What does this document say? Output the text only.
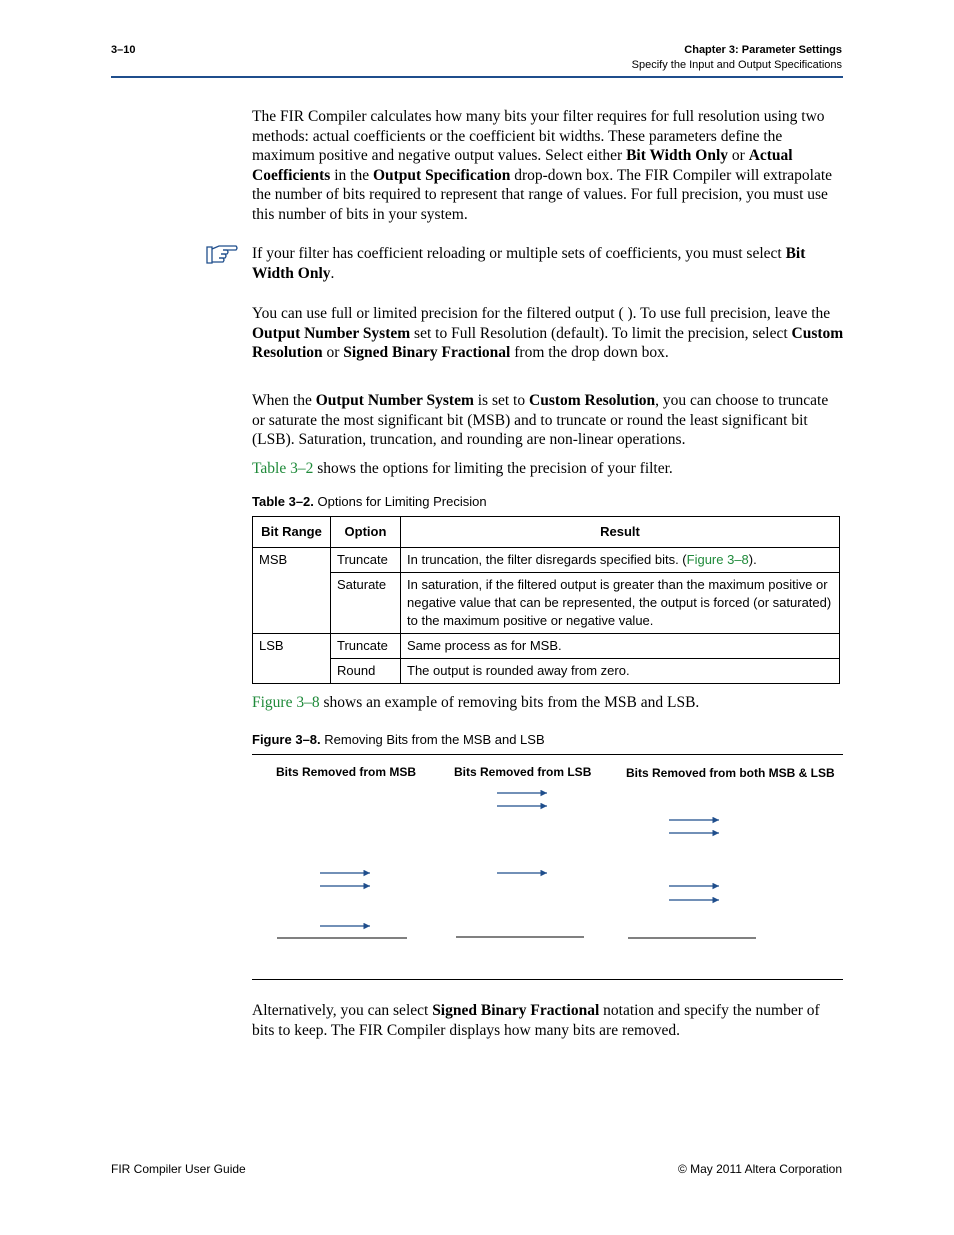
3–10	Chapter 3: Parameter Settings
Specify the Input and Output Specifications
The FIR Compiler calculates how many bits your filter requires for full resolution using two methods: actual coefficients or the coefficient bit widths. These parameters define the maximum positive and negative output values. Select either Bit Width Only or Actual Coefficients in the Output Specification drop-down box. The FIR Compiler will extrapolate the number of bits required to represent that range of values. For full precision, you must use this number of bits in your system.
If your filter has coefficient reloading or multiple sets of coefficients, you must select Bit Width Only.
You can use full or limited precision for the filtered output ( ). To use full precision, leave the Output Number System set to Full Resolution (default). To limit the precision, select Custom Resolution or Signed Binary Fractional from the drop down box.
When the Output Number System is set to Custom Resolution, you can choose to truncate or saturate the most significant bit (MSB) and to truncate or round the least significant bit (LSB). Saturation, truncation, and rounding are non-linear operations.
Table 3–2 shows the options for limiting the precision of your filter.
Table 3–2. Options for Limiting Precision
Bit Range	Option	Result
MSB	Truncate	In truncation, the filter disregards specified bits. (Figure 3–8).
	Saturate	In saturation, if the filtered output is greater than the maximum positive or negative value that can be represented, the output is forced (or saturated) to the maximum positive or negative value.
LSB	Truncate	Same process as for MSB.
	Round	The output is rounded away from zero.
Figure 3–8 shows an example of removing bits from the MSB and LSB.
Figure 3–8. Removing Bits from the MSB and LSB
Bits Removed from MSB	Bits Removed from LSB	Bits Removed from both MSB & LSB
Alternatively, you can select Signed Binary Fractional notation and specify the number of bits to keep. The FIR Compiler displays how many bits are removed.
FIR Compiler User Guide	© May 2011 Altera Corporation
